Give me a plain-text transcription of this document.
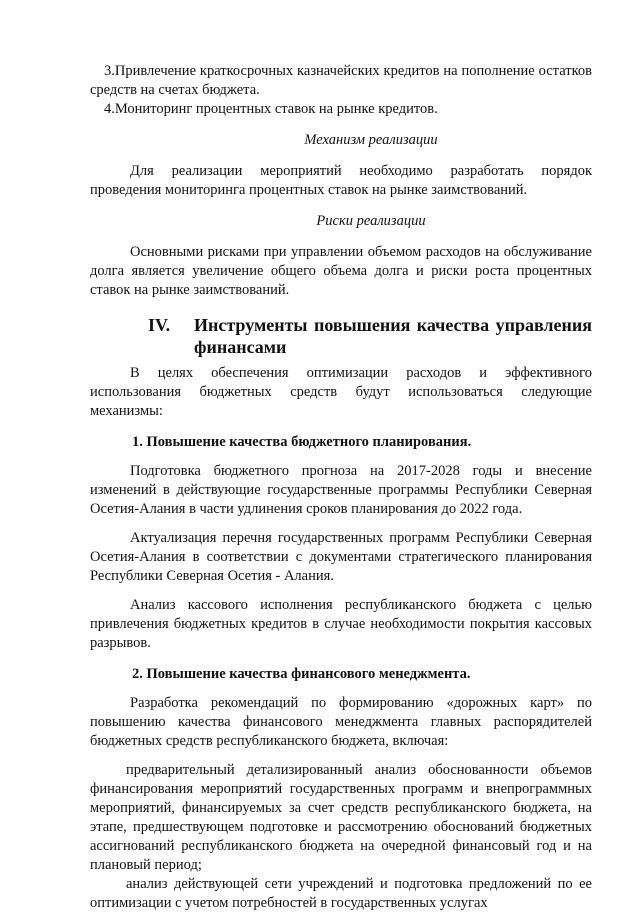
3.Привлечение краткосрочных казначейских кредитов на пополнение остатков средств на счетах бюджета.

4.Мониторинг процентных ставок на рынке кредитов.

Механизм реализации

Для реализации мероприятий необходимо разработать порядок проведения мониторинга процентных ставок на рынке заимствований.

Риски реализации

Основными рисками при управлении объемом расходов на обслуживание долга является увеличение общего объема долга и риски роста процентных ставок на рынке заимствований.

IV.	Инструменты повышения качества управления финансами

В целях обеспечения оптимизации расходов и эффективного использования бюджетных средств будут использоваться следующие механизмы:

1. Повышение качества бюджетного планирования.

Подготовка бюджетного прогноза на 2017-2028 годы и внесение изменений в действующие государственные программы Республики Северная Осетия-Алания в части удлинения сроков планирования до 2022 года.

Актуализация перечня государственных программ Республики Северная Осетия-Алания в соответствии с документами стратегического планирования Республики Северная Осетия - Алания.

Анализ кассового исполнения республиканского бюджета с целью привлечения бюджетных кредитов в случае необходимости покрытия кассовых разрывов.

2. Повышение качества финансового менеджмента.

Разработка рекомендаций по формированию «дорожных карт» по повышению качества финансового менеджмента главных распорядителей бюджетных средств республиканского бюджета, включая:

предварительный детализированный анализ обоснованности объемов финансирования мероприятий государственных программ и внепрограммных мероприятий, финансируемых за счет средств республиканского бюджета, на этапе, предшествующем подготовке и рассмотрению обоснований бюджетных ассигнований республиканского бюджета на очередной финансовый год и на плановый период;

анализ действующей сети учреждений и подготовка предложений по ее оптимизации с учетом потребностей в государственных услугах
